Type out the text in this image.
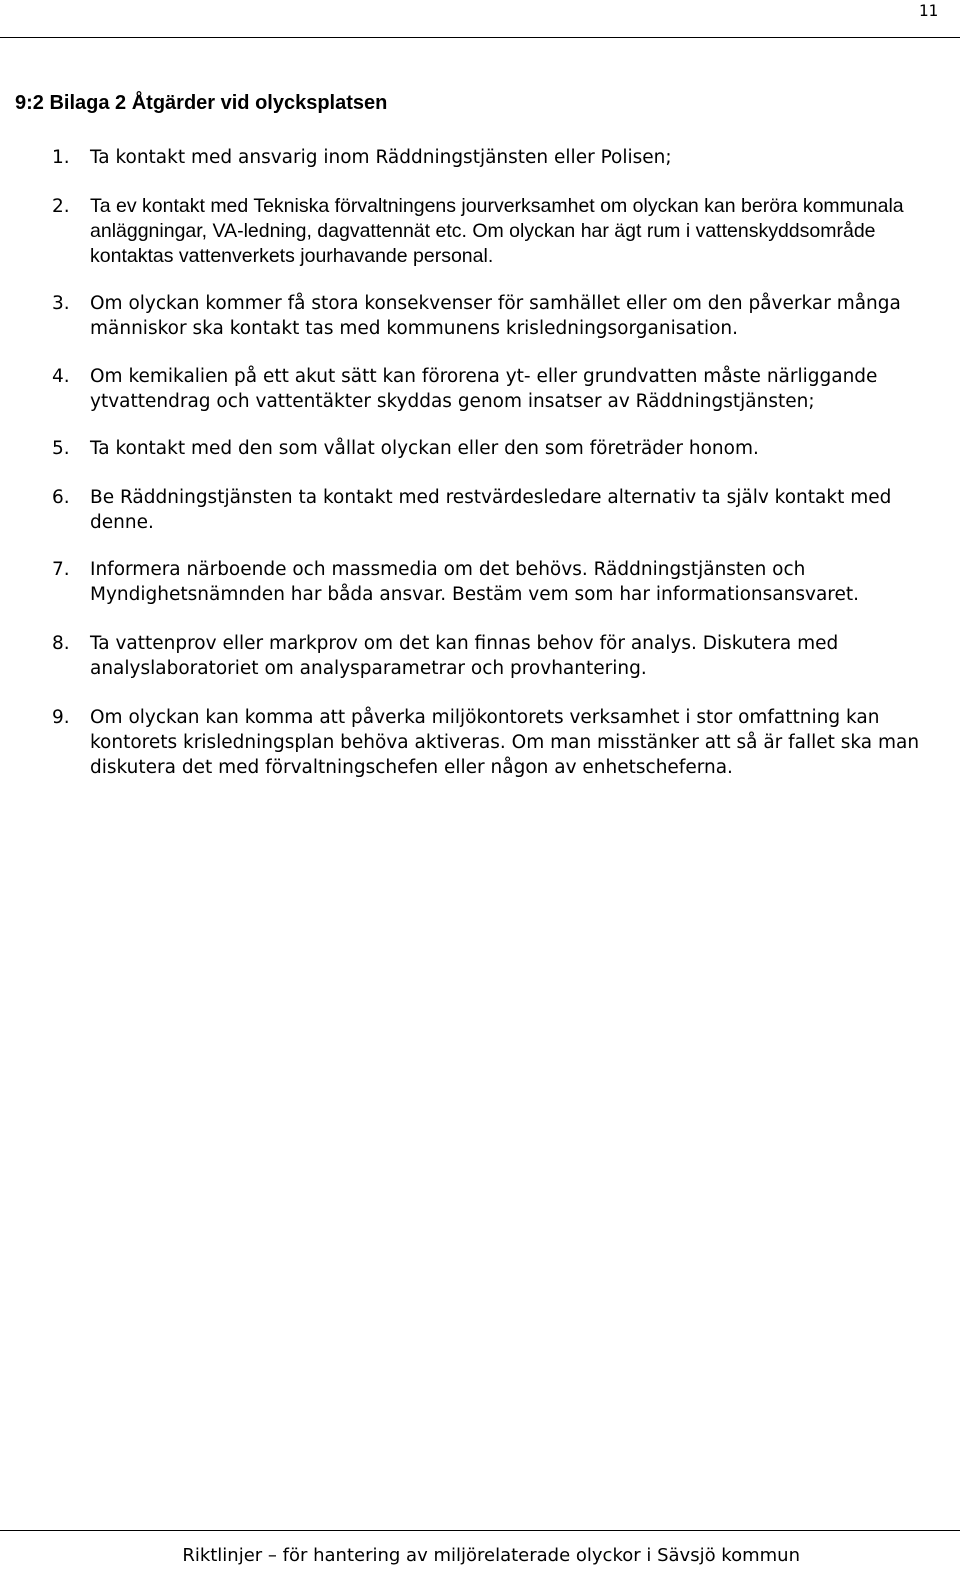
11
9:2 Bilaga 2 Åtgärder vid olycksplatsen
1. Ta kontakt med ansvarig inom Räddningstjänsten eller Polisen;
2. Ta ev kontakt med Tekniska förvaltningens jourverksamhet om olyckan kan beröra kommunala anläggningar, VA-ledning, dagvattennät etc. Om olyckan har ägt rum i vattenskyddsområde kontaktas vattenverkets jourhavande personal.
3. Om olyckan kommer få stora konsekvenser för samhället eller om den påverkar många människor ska kontakt tas med kommunens krisledningsorganisation.
4. Om kemikalien på ett akut sätt kan förorena yt- eller grundvatten måste närliggande ytvattendrag och vattentäkter skyddas genom insatser av Räddningstjänsten;
5. Ta kontakt med den som vållat olyckan eller den som företräder honom.
6. Be Räddningstjänsten ta kontakt med restvärdesledare alternativ ta själv kontakt med denne.
7. Informera närboende och massmedia om det behövs. Räddningstjänsten och Myndighetsnämnden har båda ansvar. Bestäm vem som har informationsansvaret.
8. Ta vattenprov eller markprov om det kan finnas behov för analys. Diskutera med analyslaboratoriet om analysparametrar och provhantering.
9. Om olyckan kan komma att påverka miljökontorets verksamhet i stor omfattning kan kontorets krisledningsplan behöva aktiveras. Om man misstänker att så är fallet ska man diskutera det med förvaltningschefen eller någon av enhetscheferna.
Riktlinjer – för hantering av miljörelaterade olyckor i Sävsjö kommun
